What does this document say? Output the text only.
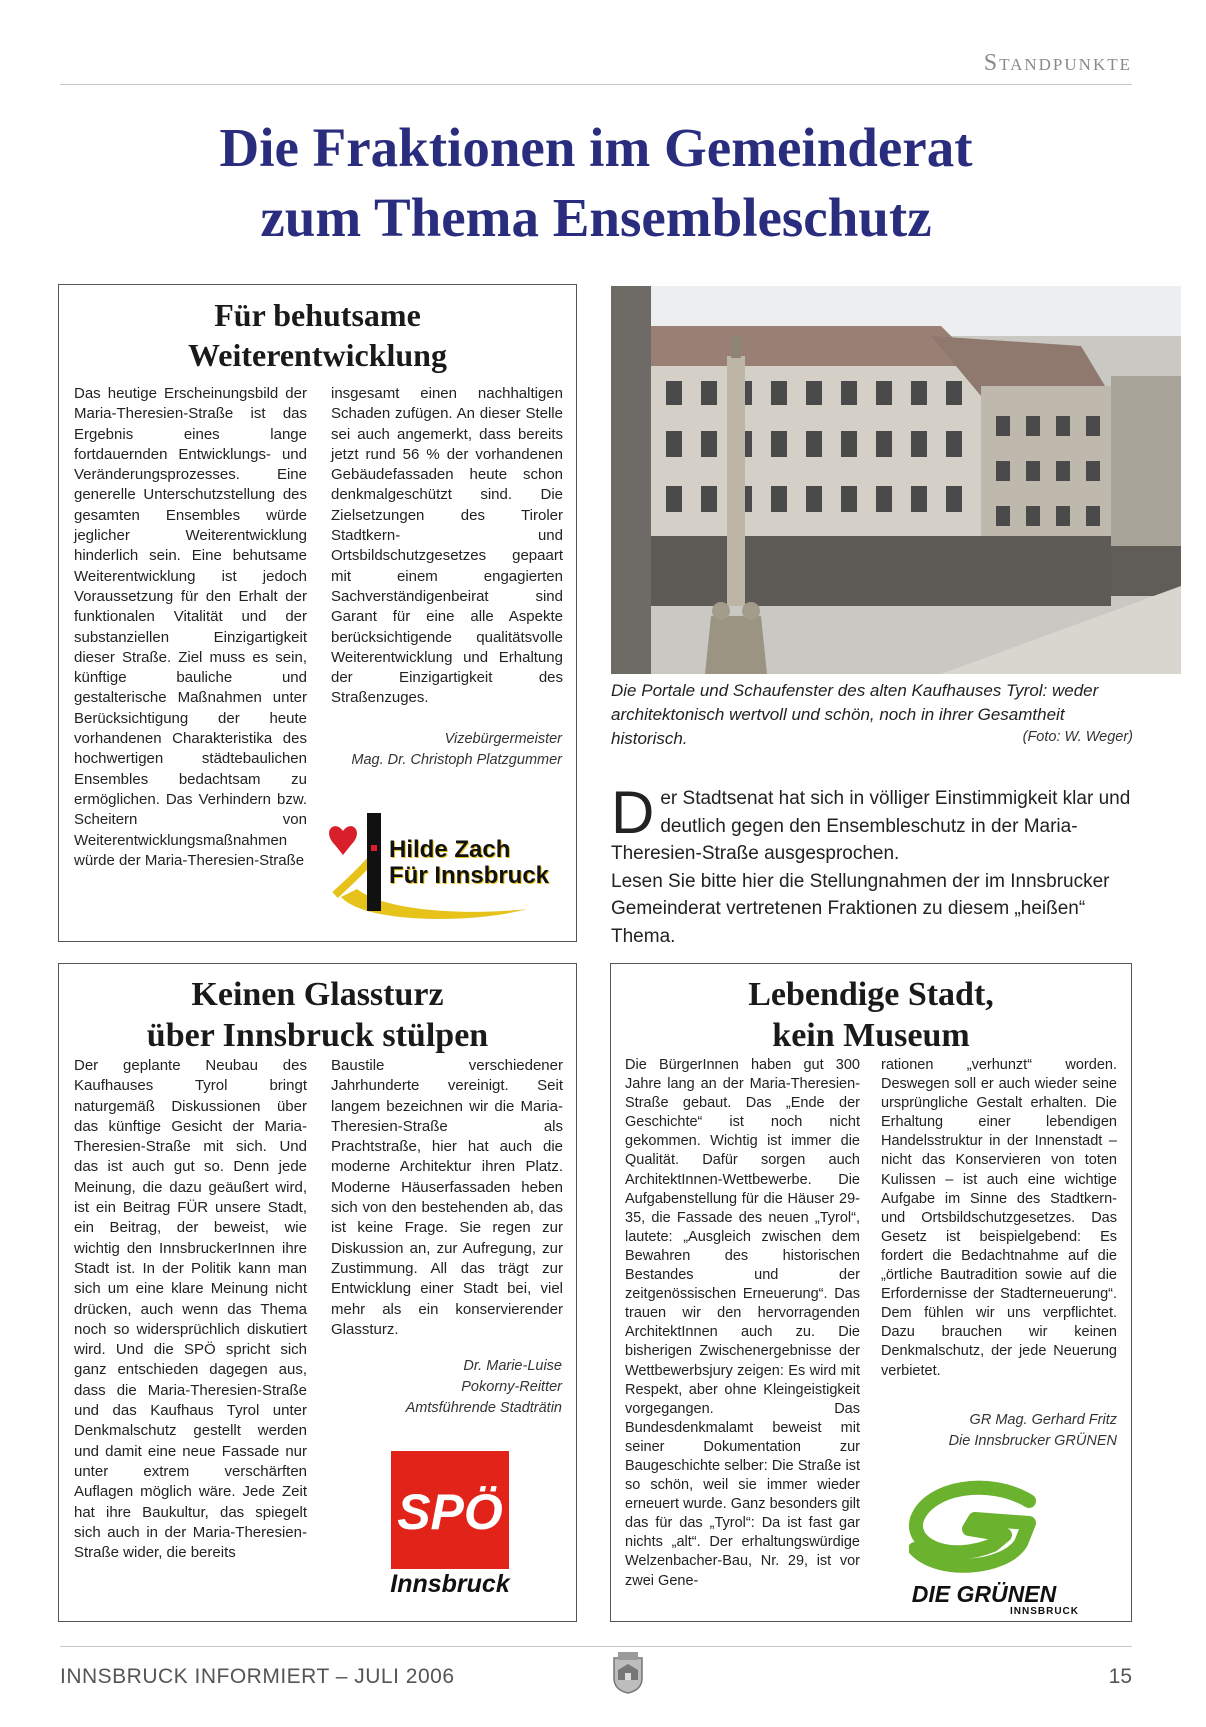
Standpunkte
Die Fraktionen im Gemeinderat
zum Thema Ensembleschutz
Für behutsame
Weiterentwicklung
Das heutige Erscheinungsbild der Maria-Theresien-Straße ist das Ergebnis eines lange fortdauernden Entwicklungs- und Veränderungsprozesses. Eine generelle Unterschutzstellung des gesamten Ensembles würde jeglicher Weiterentwicklung hinderlich sein. Eine behutsame Weiterentwicklung ist jedoch Voraussetzung für den Erhalt der funktionalen Vitalität und der substanziellen Einzigartigkeit dieser Straße. Ziel muss es sein, künftige bauliche und gestalterische Maßnahmen unter Berücksichtigung der heute vorhandenen Charakteristika des hochwertigen städtebaulichen Ensembles bedachtsam zu ermöglichen. Das Verhindern bzw. Scheitern von Weiterentwicklungsmaßnahmen würde der Maria-Theresien-Straße
insgesamt einen nachhaltigen Schaden zufügen. An dieser Stelle sei auch angemerkt, dass bereits jetzt rund 56 % der vorhandenen Gebäudefassaden heute schon denkmalgeschützt sind. Die Zielsetzungen des Tiroler Stadtkern- und Ortsbildschutzgesetzes gepaart mit einem engagierten Sachverständigenbeirat sind Garant für eine alle Aspekte berücksichtigende qualitätsvolle Weiterentwicklung und Erhaltung der Einzigartigkeit des Straßenzuges.
Vizebürgermeister
Mag. Dr. Christoph Platzgummer
Hilde Zach
Für Innsbruck
Die Portale und Schaufenster des alten Kaufhauses Tyrol: weder architektonisch wertvoll und schön, noch in ihrer Gesamtheit historisch.	(Foto: W. Weger)
Der Stadtsenat hat sich in völliger Einstimmigkeit klar und deutlich gegen den Ensembleschutz in der Maria-Theresien-Straße ausgesprochen.
Lesen Sie bitte hier die Stellungnahmen der im Innsbrucker Gemeinderat vertretenen Fraktionen zu diesem „heißen“ Thema.
Keinen Glassturz
über Innsbruck stülpen
Der geplante Neubau des Kaufhauses Tyrol bringt naturgemäß Diskussionen über das künftige Gesicht der Maria-Theresien-Straße mit sich. Und das ist auch gut so. Denn jede Meinung, die dazu geäußert wird, ist ein Beitrag FÜR unsere Stadt, ein Beitrag, der beweist, wie wichtig den InnsbruckerInnen ihre Stadt ist. In der Politik kann man sich um eine klare Meinung nicht drücken, auch wenn das Thema noch so widersprüchlich diskutiert wird. Und die SPÖ spricht sich ganz entschieden dagegen aus, dass die Maria-Theresien-Straße und das Kaufhaus Tyrol unter Denkmalschutz gestellt werden und damit eine neue Fassade nur unter extrem verschärften Auflagen möglich wäre. Jede Zeit hat ihre Baukultur, das spiegelt sich auch in der Maria-Theresien-Straße wider, die bereits
Baustile verschiedener Jahrhunderte vereinigt. Seit langem bezeichnen wir die Maria-Theresien-Straße als Prachtstraße, hier hat auch die moderne Architektur ihren Platz. Moderne Häuserfassaden heben sich von den bestehenden ab, das ist keine Frage. Sie regen zur Diskussion an, zur Aufregung, zur Zustimmung. All das trägt zur Entwicklung einer Stadt bei, viel mehr als ein konservierender Glassturz.
Dr. Marie-Luise
Pokorny-Reitter
Amtsführende Stadträtin
SPÖ
Innsbruck
Lebendige Stadt,
kein Museum
Die BürgerInnen haben gut 300 Jahre lang an der Maria-Theresien-Straße gebaut. Das „Ende der Geschichte“ ist noch nicht gekommen. Wichtig ist immer die Qualität. Dafür sorgen auch ArchitektInnen-Wettbewerbe. Die Aufgabenstellung für die Häuser 29-35, die Fassade des neuen „Tyrol“, lautete: „Ausgleich zwischen dem Bewahren des historischen Bestandes und der zeitgenössischen Erneuerung“. Das trauen wir den hervorragenden ArchitektInnen auch zu. Die bisherigen Zwischenergebnisse der Wettbewerbsjury zeigen: Es wird mit Respekt, aber ohne Kleingeistigkeit vorgegangen. Das Bundesdenkmalamt beweist mit seiner Dokumentation zur Baugeschichte selber: Die Straße ist so schön, weil sie immer wieder erneuert wurde. Ganz besonders gilt das für das „Tyrol“: Da ist fast gar nichts „alt“. Der erhaltungswürdige Welzenbacher-Bau, Nr. 29, ist vor zwei Gene-
rationen „verhunzt“ worden. Deswegen soll er auch wieder seine ursprüngliche Gestalt erhalten. Die Erhaltung einer lebendigen Handelsstruktur in der Innenstadt – nicht das Konservieren von toten Kulissen – ist auch eine wichtige Aufgabe im Sinne des Stadtkern- und Ortsbildschutzgesetzes. Das Gesetz ist beispielgebend: Es fordert die Bedachtnahme auf die „örtliche Bautradition sowie auf die Erfordernisse der Stadterneuerung“. Dem fühlen wir uns verpflichtet. Dazu brauchen wir keinen Denkmalschutz, der jede Neuerung verbietet.
GR Mag. Gerhard Fritz
Die Innsbrucker GRÜNEN
DIE GRÜNEN
INNSBRUCK
INNSBRUCK INFORMIERT – JULI 2006	15
